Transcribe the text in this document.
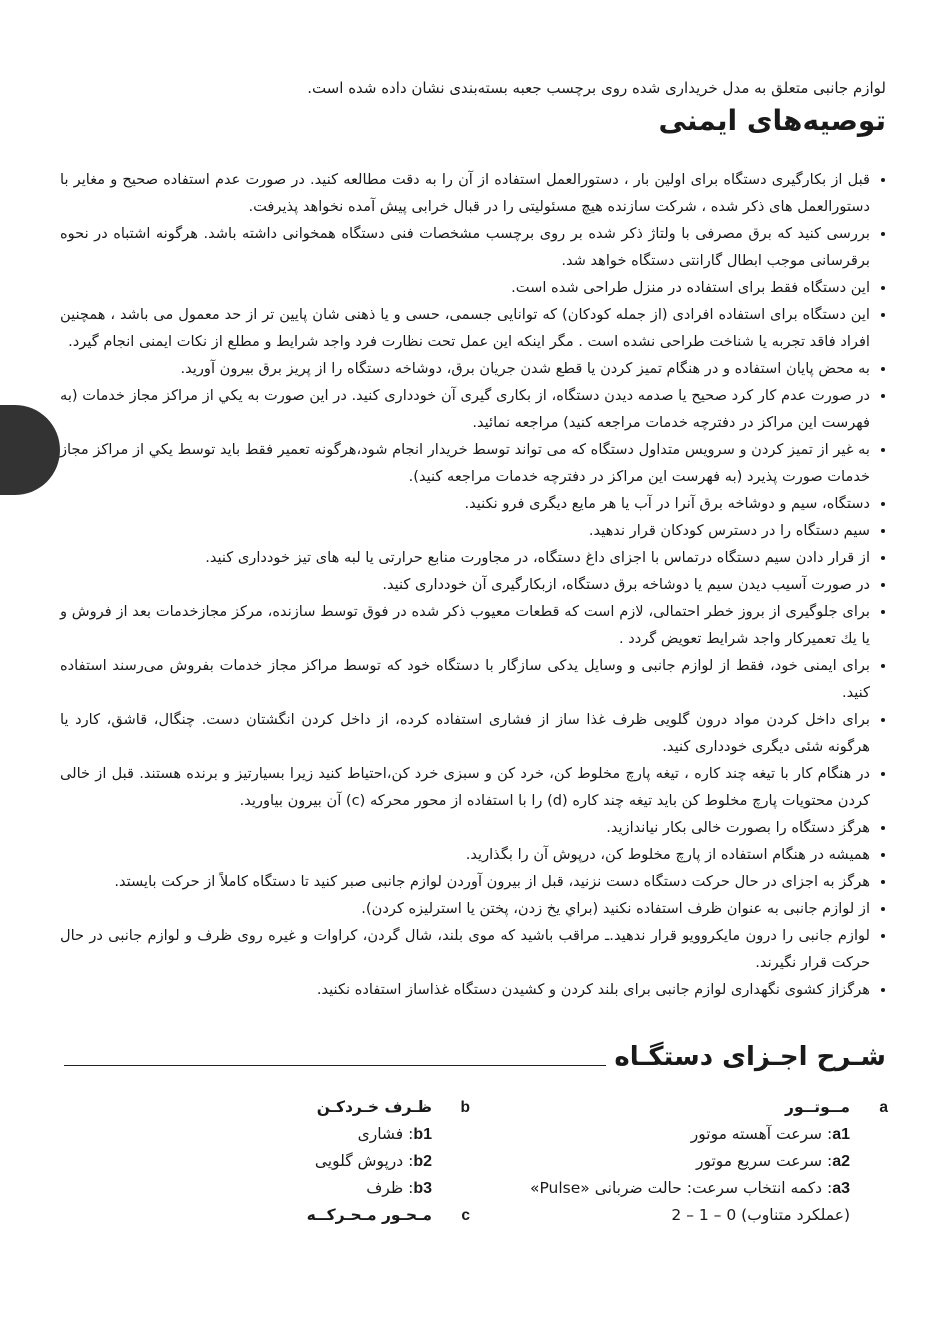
لوازم جانبی متعلق به مدل خریداری شده روی برچسب جعبه بسته‌بندی نشان داده شده است.

توصیه‌های ایمنی
• قبل از بكارگيری دستگاه برای اولين بار ، دستورالعمل استفاده از آن را به دقت مطالعه كنيد. در صورت عدم استفاده صحيح و مغاير با دستورالعمل های ذكر شده ، شركت سازنده هيچ مسئوليتی را در قبال خرابی پيش آمده نخواهد پذيرفت.
• بررسی كنيد كه برق مصرفی با ولتاژ ذكر شده بر روی برچسب مشخصات فنی دستگاه همخوانی داشته باشد. هرگونه اشتباه در نحوه برقرسانی موجب ابطال گارانتی دستگاه خواهد شد.
• اين دستگاه فقط برای استفاده در منزل طراحی شده است.
• این دستگاه برای استفاده افرادی (از جمله کودکان) که توانایی جسمی، حسی و یا ذهنی شان پایین تر از حد معمول می باشد ، همچنین افراد فاقد تجربه یا شناخت طراحی نشده است . مگر اینکه این عمل تحت نظارت فرد واجد شرایط و مطلع از نکات ایمنی انجام گیرد.
• به محض پایان استفاده و در هنگام تمیز کردن یا قطع شدن جریان برق، دوشاخه دستگاه را از پریز برق بیرون آورید.
• در صورت عدم كار كرد صحيح يا صدمه ديدن دستگاه، از بكاری گيری آن خودداری كنيد. در اين صورت به يكي از مراكز مجاز خدمات (به فهرست اين مراكز در دفترچه خدمات مراجعه كنيد) مراجعه نمائيد.
• به غير از تميز كردن و سرويس متداول دستگاه كه می تواند توسط خريدار انجام شود،هرگونه تعمير فقط بايد توسط يكي از مراكز مجاز خدمات صورت پذيرد (به فهرست اين مراكز در دفترچه خدمات مراجعه كنيد).
• دستگاه، سیم و دوشاخه برق آنرا در آب یا هر مایع دیگری فرو نکنید.
• سیم دستگاه را در دسترس کودکان قرار ندهید.
• از قرار دادن سیم دستگاه درتماس با اجزای داغ دستگاه، در مجاورت منابع حرارتی یا لبه های تیز خودداری کنید.
• در صورت آسیب دیدن سیم یا دوشاخه برق دستگاه، ازبکارگیری آن خودداری کنید.
• برای جلوگیری از بروز خطر احتمالی، لازم است که قطعات معیوب ذکر شده در فوق توسط سازنده، مرکز مجازخدمات بعد از فروش و يا يك تعميركار واجد شرايط تعويض گردد .
• برای ایمنی خود، فقط از لوازم جانبی و وسایل یدکی سازگار با دستگاه خود که توسط مراکز مجاز خدمات بفروش می‌رسند استفاده کنید.
• برای داخل کردن مواد درون گلویی ظرف غذا ساز از فشاری استفاده کرده، از داخل کردن انگشتان دست. چنگال، قاشق، کارد یا هرگونه شئی دیگری خودداری کنید.
• در هنگام کار با تیغه چند کاره ، تیغه پارچ مخلوط کن، خرد کن و سبزی خرد کن،احتیاط کنید زیرا بسیارتیز و برنده هستند. قبل از خالی کردن محتویات پارچ مخلوط کن باید تیغه چند کاره (d) را با استفاده از محور محرکه (c) آن بیرون بیاورید.
• هرگز دستگاه را بصورت خالی بکار نیاندازید.
• همیشه در هنگام استفاده از پارچ مخلوط کن، درپوش آن را بگذارید.
• هرگز به اجزای در حال حرکت دستگاه دست نزنید، قبل از بیرون آوردن لوازم جانبی صبر کنید تا دستگاه کاملاً از حرکت بایستد.
• از لوازم جانبی به عنوان ظرف استفاده نکنید (براي يخ زدن، پختن يا استرليزه كردن).
• لوازم جانبی را درون مایکروویو قرار ندهید.ـ مراقب باشید که موی بلند، شال گردن، کراوات و غیره روی ظرف و لوازم جانبی در حال حرکت قرار نگیرند.
• هرگزاز کشوی نگهداری لوازم جانبی برای بلند کردن و کشیدن دستگاه غذاساز استفاده نکنید.
شـرح اجـزای دستگـاه
a
مــوتــور
a1
: سرعت آهسته موتور
a2
: سرعت سریع موتور
a3
: دکمه انتخاب سرعت: حالت ضربانی «Pulse»
(عملکرد متناوب) 0 – 1 – 2
b
ظـرف خـردکـن
b1
: فشاری
b2
: درپوش گلویی
b3
: ظرف
c
مـحـور مـحـرکــه
